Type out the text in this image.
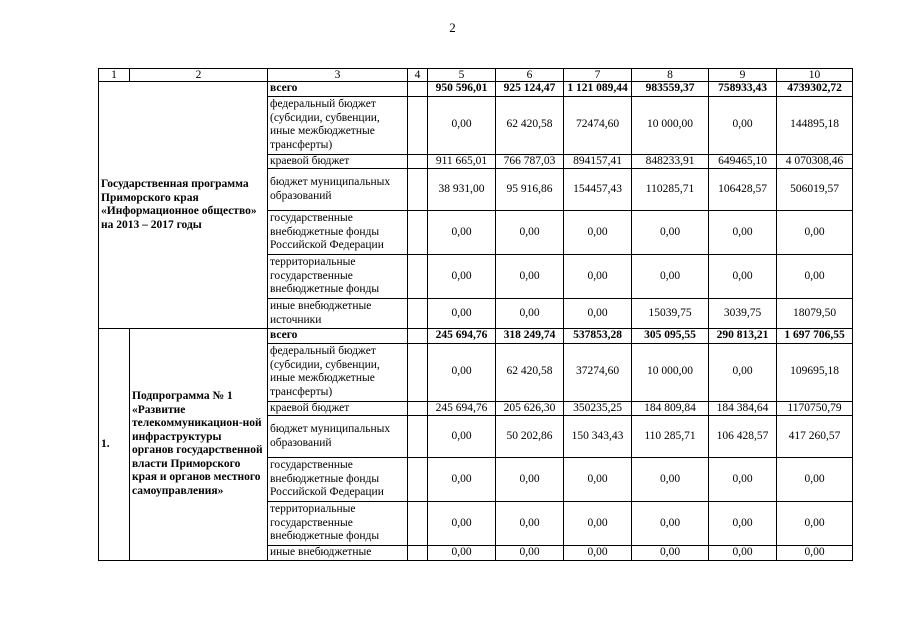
2
1	2	3	4	5	6	7	8	9	10
Государственная программа Приморского края «Информационное общество» на 2013 – 2017 годы		всего		950 596,01	925 124,47	1 121 089,44	983559,37	758933,43	4739302,72
		федеральный бюджет (субсидии, субвенции, иные межбюджетные трансферты)		0,00	62 420,58	72474,60	10 000,00	0,00	144895,18
		краевой бюджет		911 665,01	766 787,03	894157,41	848233,91	649465,10	4 070308,46
		бюджет муниципальных образований		38 931,00	95 916,86	154457,43	110285,71	106428,57	506019,57
		государственные внебюджетные фонды Российской Федерации		0,00	0,00	0,00	0,00	0,00	0,00
		территориальные государственные внебюджетные фонды		0,00	0,00	0,00	0,00	0,00	0,00
		иные внебюджетные источники		0,00	0,00	0,00	15039,75	3039,75	18079,50
1.	Подпрограмма № 1 «Развитие телекоммуникацион-ной инфраструктуры органов государственной власти Приморского края и органов местного самоуправления»	всего		245 694,76	318 249,74	537853,28	305 095,55	290 813,21	1 697 706,55
		федеральный бюджет (субсидии, субвенции, иные межбюджетные трансферты)		0,00	62 420,58	37274,60	10 000,00	0,00	109695,18
		краевой бюджет		245 694,76	205 626,30	350235,25	184 809,84	184 384,64	1170750,79
		бюджет муниципальных образований		0,00	50 202,86	150 343,43	110 285,71	106 428,57	417 260,57
		государственные внебюджетные фонды Российской Федерации		0,00	0,00	0,00	0,00	0,00	0,00
		территориальные государственные внебюджетные фонды		0,00	0,00	0,00	0,00	0,00	0,00
		иные внебюджетные		0,00	0,00	0,00	0,00	0,00	0,00
